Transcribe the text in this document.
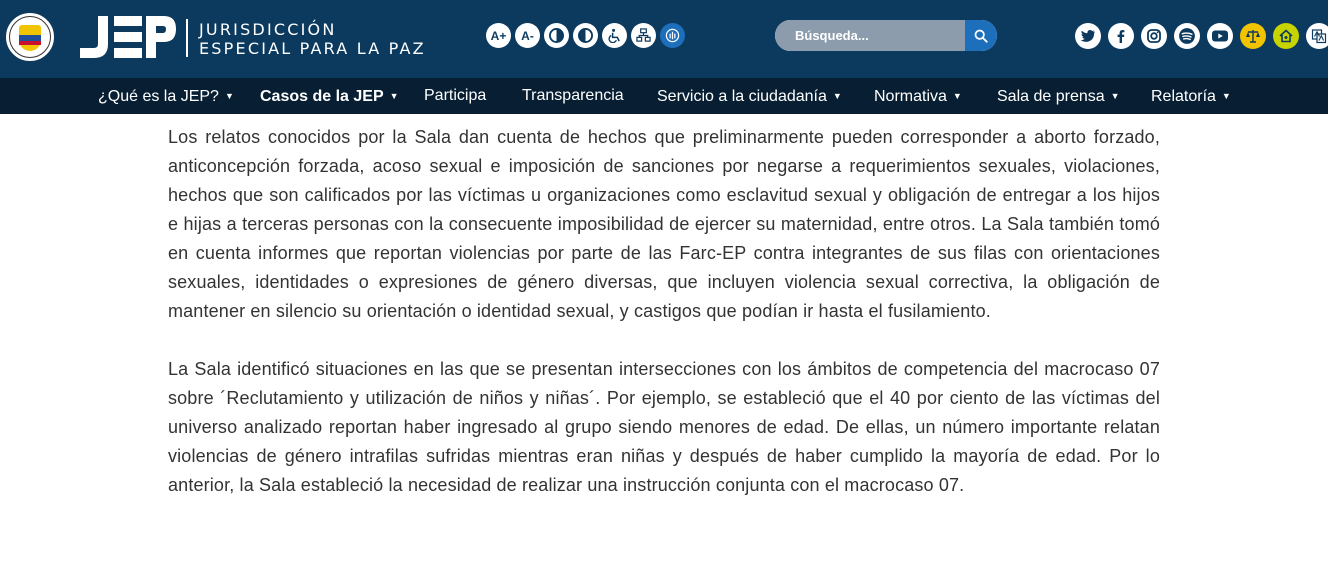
JURISDICCIÓN
ESPECIAL PARA LA PAZ
A+ A-
Búsqueda...
¿Qué es la JEP? ▼ Casos de la JEP ▼ Participa Transparencia Servicio a la ciudadanía ▼ Normativa ▼ Sala de prensa ▼ Relatoría ▼

Los relatos conocidos por la Sala dan cuenta de hechos que preliminarmente pueden corresponder a aborto forzado, anticoncepción forzada, acoso sexual e imposición de sanciones por negarse a requerimientos sexuales, violaciones, hechos que son calificados por las víctimas u organizaciones como esclavitud sexual y obligación de entregar a los hijos e hijas a terceras personas con la consecuente imposibilidad de ejercer su maternidad, entre otros. La Sala también tomó en cuenta informes que reportan violencias por parte de las Farc-EP contra integrantes de sus filas con orientaciones sexuales, identidades o expresiones de género diversas, que incluyen violencia sexual correctiva, la obligación de mantener en silencio su orientación o identidad sexual, y castigos que podían ir hasta el fusilamiento.

La Sala identificó situaciones en las que se presentan intersecciones con los ámbitos de competencia del macrocaso 07 sobre ´Reclutamiento y utilización de niños y niñas´. Por ejemplo, se estableció que el 40 por ciento de las víctimas del universo analizado reportan haber ingresado al grupo siendo menores de edad. De ellas, un número importante relatan violencias de género intrafilas sufridas mientras eran niñas y después de haber cumplido la mayoría de edad. Por lo anterior, la Sala estableció la necesidad de realizar una instrucción conjunta con el macrocaso 07.
